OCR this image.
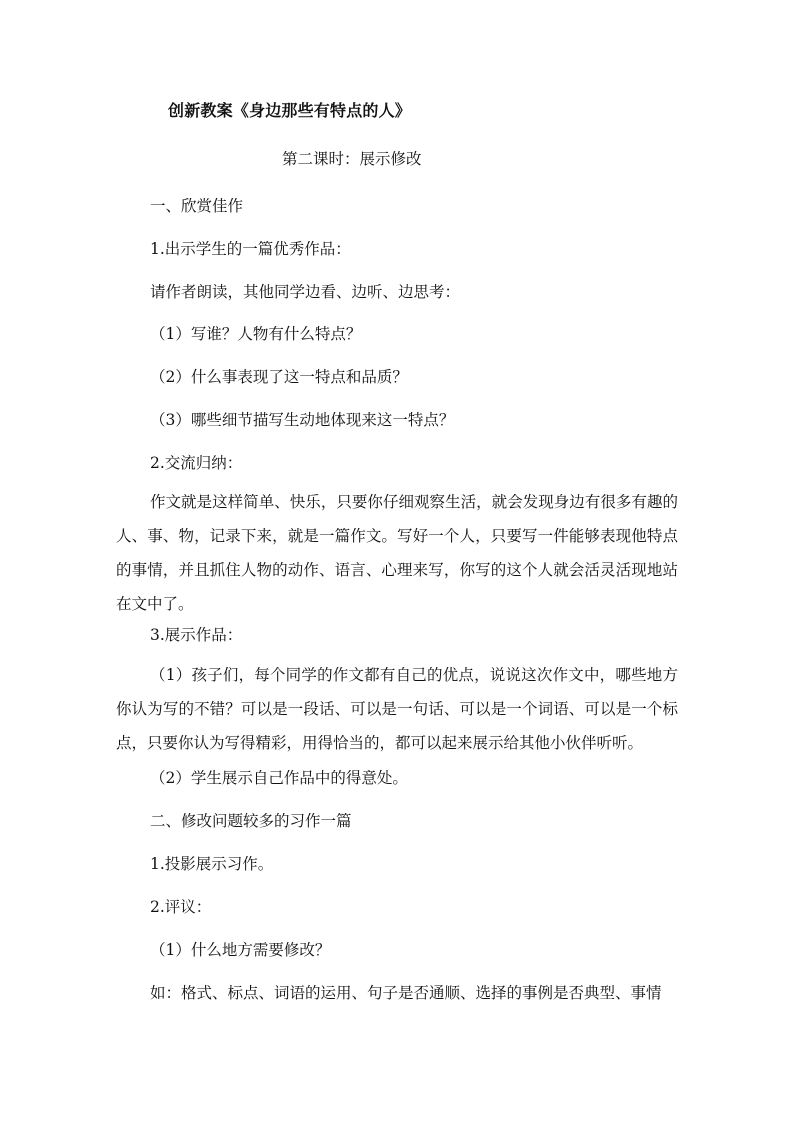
创新教案《身边那些有特点的人》
第二课时：展示修改
一、欣赏佳作
1.出示学生的一篇优秀作品：
请作者朗读，其他同学边看、边听、边思考：
（1）写谁？人物有什么特点？
（2）什么事表现了这一特点和品质？
（3）哪些细节描写生动地体现来这一特点？
2.交流归纳：
作文就是这样简单、快乐，只要你仔细观察生活，就会发现身边有很多有趣的人、事、物，记录下来，就是一篇作文。写好一个人，只要写一件能够表现他特点的事情，并且抓住人物的动作、语言、心理来写，你写的这个人就会活灵活现地站在文中了。
3.展示作品：
（1）孩子们，每个同学的作文都有自己的优点，说说这次作文中，哪些地方你认为写的不错？可以是一段话、可以是一句话、可以是一个词语、可以是一个标点，只要你认为写得精彩，用得恰当的，都可以起来展示给其他小伙伴听听。
（2）学生展示自己作品中的得意处。
二、修改问题较多的习作一篇
1.投影展示习作。
2.评议：
（1）什么地方需要修改？
如：格式、标点、词语的运用、句子是否通顺、选择的事例是否典型、事情
